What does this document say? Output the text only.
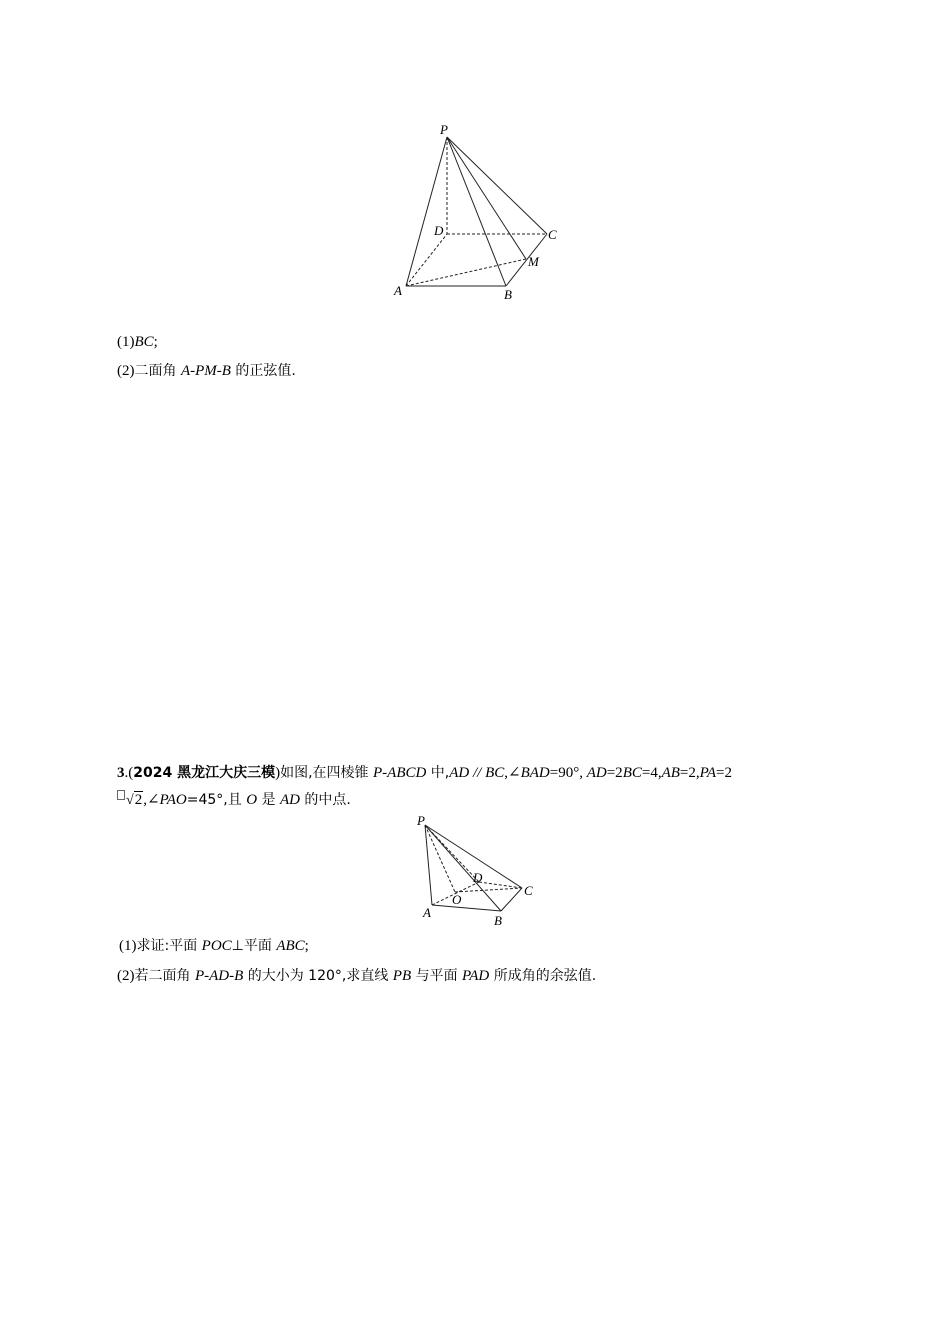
P
D	C
M
A	B
(1)BC;
(2)二面角 A-PM-B 的正弦值.
3.(2024 黑龙江大庆三模)如图,在四棱锥 P-ABCD 中,AD // BC,∠BAD=90°, AD=2BC=4,AB=2,PA=2
√2,∠PAO=45°,且 O 是 AD 的中点.
P
D
C
O
A
B
(1)求证:平面 POC⊥平面 ABC;
(2)若二面角 P-AD-B 的大小为 120°,求直线 PB 与平面 PAD 所成角的余弦值.
